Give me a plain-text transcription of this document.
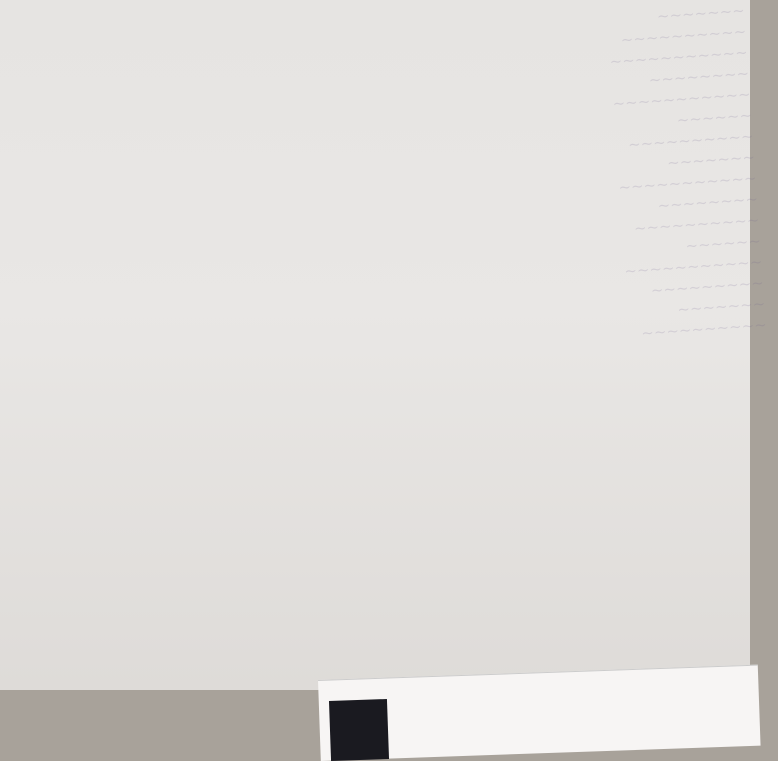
~~~~~~~
~~~~~~~~~~
~~~~~~~~~~~
~~~~~~~~
~~~~~~~~~~~
~~~~~~
~~~~~~~~~~
~~~~~~~
~~~~~~~~~~~
~~~~~~~~
~~~~~~~~~~
~~~~~~
~~~~~~~~~~~
~~~~~~~~~
~~~~~~~
~~~~~~~~~~
